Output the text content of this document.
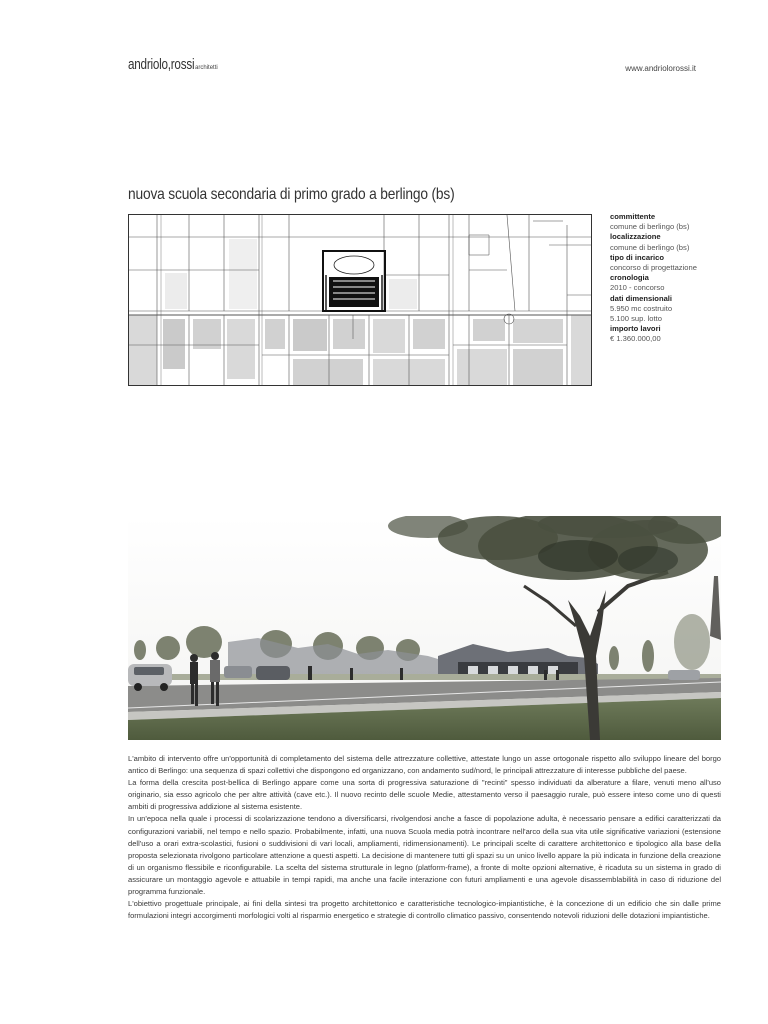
andriolo,rossiarchitetti	www.andriolorossi.it
nuova scuola secondaria di primo grado a berlingo (bs)
committente
comune di berlingo (bs)
localizzazione
comune di berlingo (bs)
tipo di incarico
concorso di progettazione
cronologia
2010 - concorso
dati dimensionali
5.950 mc costruito
5.100 sup. lotto
importo lavori
€ 1.360.000,00

L'ambito di intervento offre un'opportunità di completamento del sistema delle attrezzature collettive, attestate lungo un asse ortogonale rispetto allo sviluppo lineare del borgo antico di Berlingo: una sequenza di spazi collettivi che dispongono ed organizzano, con andamento sud/nord, le principali attrezzature di interesse pubbliche del paese.

La forma della crescita post-bellica di Berlingo appare come una sorta di progressiva saturazione di "recinti" spesso individuati da alberature a filare, venuti meno all'uso originario, sia esso agricolo che per altre attività (cave etc.). Il nuovo recinto delle scuole Medie, attestamento verso il paesaggio rurale, può essere inteso come uno di questi ambiti di progressiva addizione al sistema esistente.

In un'epoca nella quale i processi di scolarizzazione tendono a diversificarsi, rivolgendosi anche a fasce di popolazione adulta, è necessario pensare a edifici caratterizzati da configurazioni variabili, nel tempo e nello spazio. Probabilmente, infatti, una nuova Scuola media potrà incontrare nell'arco della sua vita utile significative variazioni (estensione dell'uso a orari extra-scolastici, fusioni o suddivisioni di vari locali, ampliamenti, ridimensionamenti). Le principali scelte di carattere architettonico e tipologico alla base della proposta selezionata rivolgono particolare attenzione a questi aspetti. La decisione di mantenere tutti gli spazi su un unico livello appare la più indicata in funzione della creazione di un organismo flessibile e riconfigurabile. La scelta del sistema strutturale in legno (platform-frame), a fronte di molte opzioni alternative, è ricaduta su un sistema in grado di assicurare un montaggio agevole e attuabile in tempi rapidi, ma anche una facile interazione con futuri ampliamenti e una agevole disassemblabilità in caso di riduzione del programma funzionale.

L'obiettivo progettuale principale, ai fini della sintesi tra progetto architettonico e caratteristiche tecnologico-impiantistiche, è la concezione di un edificio che sin dalle prime formulazioni integri accorgimenti morfologici volti al risparmio energetico e strategie di controllo climatico passivo, consentendo notevoli riduzioni delle dotazioni impiantistiche.
